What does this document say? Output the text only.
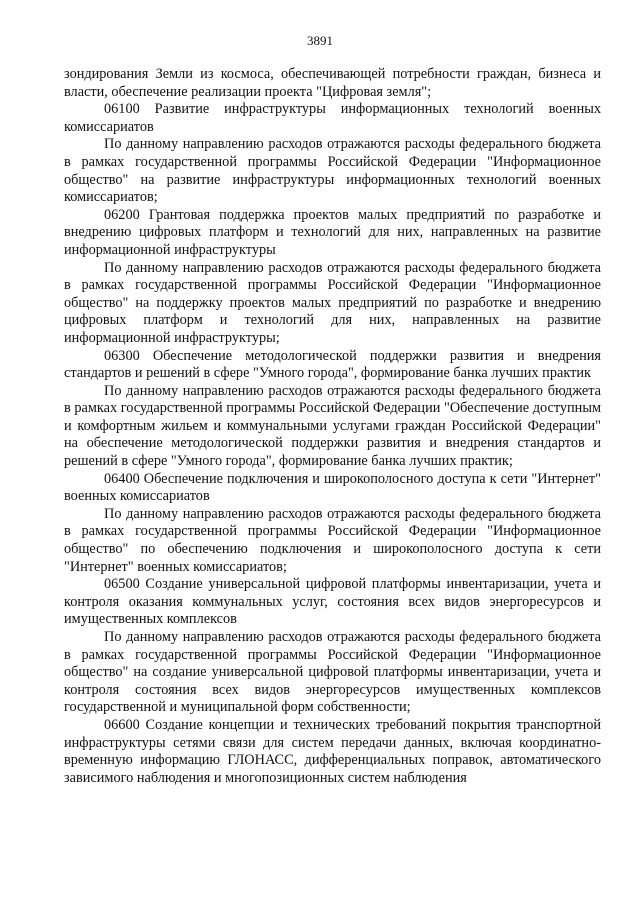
3891

зондирования Земли из космоса, обеспечивающей потребности граждан, бизнеса и власти, обеспечение реализации проекта "Цифровая земля";

06100 Развитие инфраструктуры информационных технологий военных комиссариатов

По данному направлению расходов отражаются расходы федерального бюджета в рамках государственной программы Российской Федерации "Информационное общество" на развитие инфраструктуры информационных технологий военных комиссариатов;

06200 Грантовая поддержка проектов малых предприятий по разработке и внедрению цифровых платформ и технологий для них, направленных на развитие информационной инфраструктуры

По данному направлению расходов отражаются расходы федерального бюджета в рамках государственной программы Российской Федерации "Информационное общество" на поддержку проектов малых предприятий по разработке и внедрению цифровых платформ и технологий для них, направленных на развитие информационной инфраструктуры;

06300 Обеспечение методологической поддержки развития и внедрения стандартов и решений в сфере "Умного города", формирование банка лучших практик

По данному направлению расходов отражаются расходы федерального бюджета в рамках государственной программы Российской Федерации "Обеспечение доступным и комфортным жильем и коммунальными услугами граждан Российской Федерации" на обеспечение методологической поддержки развития и внедрения стандартов и решений в сфере "Умного города", формирование банка лучших практик;

06400 Обеспечение подключения и широкополосного доступа к сети "Интернет" военных комиссариатов

По данному направлению расходов отражаются расходы федерального бюджета в рамках государственной программы Российской Федерации "Информационное общество" по обеспечению подключения и широкополосного доступа к сети "Интернет" военных комиссариатов;

06500 Создание универсальной цифровой платформы инвентаризации, учета и контроля оказания коммунальных услуг, состояния всех видов энергоресурсов и имущественных комплексов

По данному направлению расходов отражаются расходы федерального бюджета в рамках государственной программы Российской Федерации "Информационное общество" на создание универсальной цифровой платформы инвентаризации, учета и контроля состояния всех видов энергоресурсов имущественных комплексов государственной и муниципальной форм собственности;

06600 Создание концепции и технических требований покрытия транспортной инфраструктуры сетями связи для систем передачи данных, включая координатно-временную информацию ГЛОНАСС, дифференциальных поправок, автоматического зависимого наблюдения и многопозиционных систем наблюдения
